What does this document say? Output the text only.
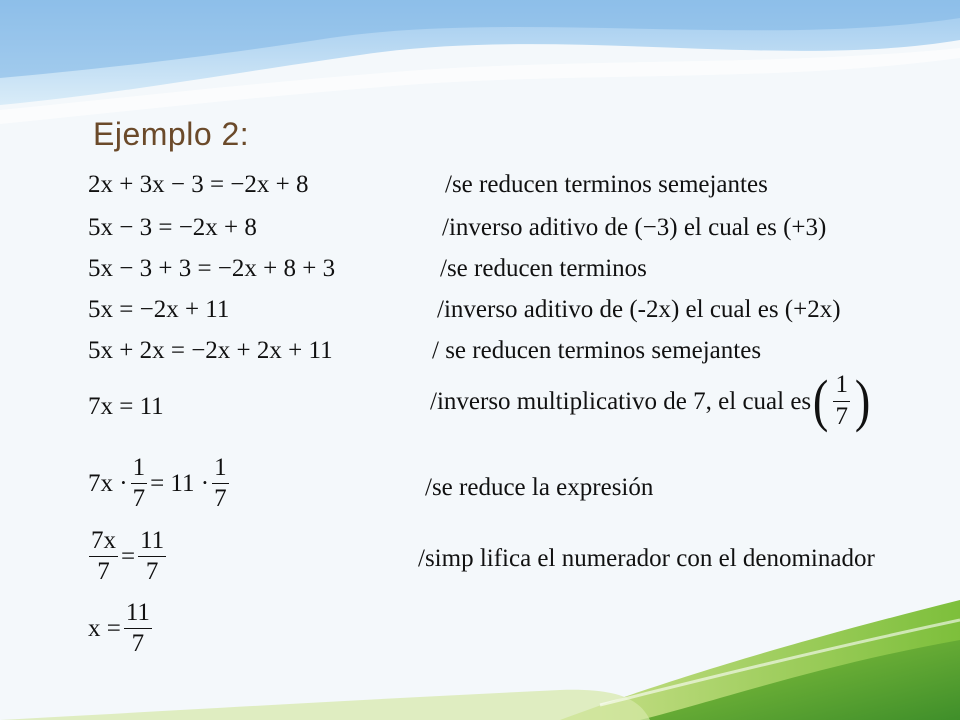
Ejemplo 2:
2x + 3x − 3 = −2x + 8	/se reducen terminos semejantes
5x − 3 = −2x + 8	/inverso aditivo de (−3) el cual es (+3)
5x − 3 + 3 = −2x + 8 + 3	/se reducen terminos
5x = −2x + 11	/inverso aditivo de (-2x) el cual es (+2x)
5x + 2x = −2x + 2x + 11	/ se reducen terminos semejantes
7x = 11	/inverso multiplicativo de 7, el cual es ( $\frac{1}{7}$ )
$7x \cdot \frac{1}{7} = 11 \cdot \frac{1}{7}$	/se reduce la expresión
$\frac{7x}{7} = \frac{11}{7}$	/simp lifica el numerador con el denominador
$x = \frac{11}{7}$
